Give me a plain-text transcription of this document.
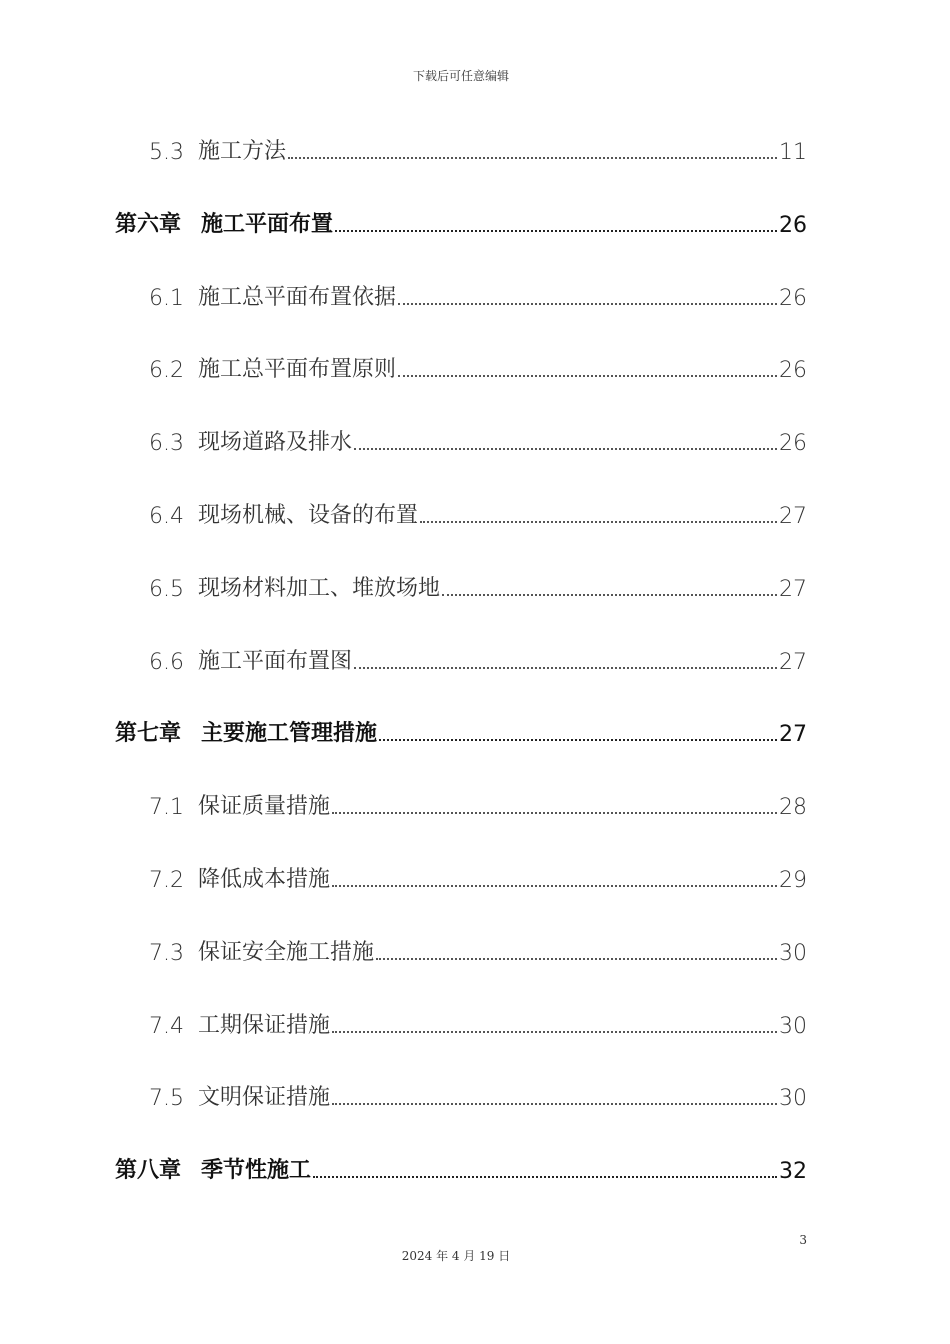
下载后可任意编辑
5.3 施工方法	11
第六章 施工平面布置	26
6.1 施工总平面布置依据	26
6.2 施工总平面布置原则	26
6.3 现场道路及排水	26
6.4 现场机械、设备的布置	27
6.5 现场材料加工、堆放场地	27
6.6 施工平面布置图	27
第七章 主要施工管理措施	27
7.1 保证质量措施	28
7.2 降低成本措施	29
7.3 保证安全施工措施	30
7.4 工期保证措施	30
7.5 文明保证措施	30
第八章 季节性施工	32
3
2024 年 4 月 19 日
